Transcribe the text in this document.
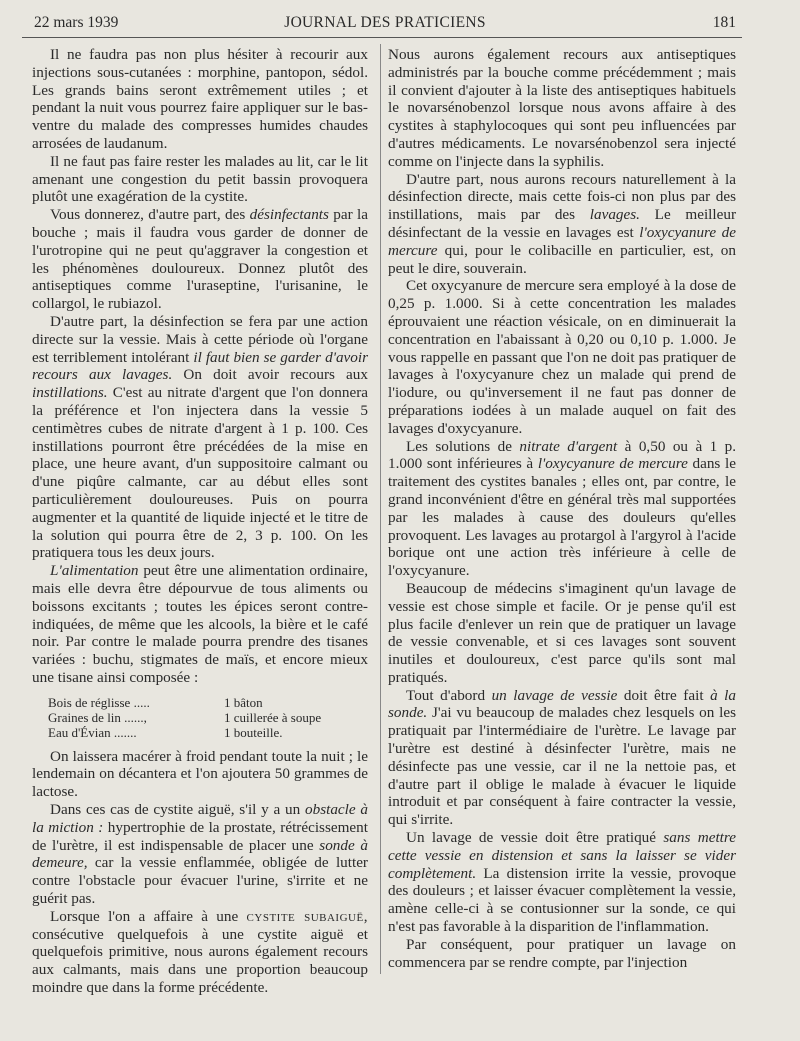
22 mars 1939	JOURNAL DES PRATICIENS	181

Il ne faudra pas non plus hésiter à recourir aux injections sous-cutanées : morphine, pantopon, sédol. Les grands bains seront extrêmement utiles ; et pendant la nuit vous pourrez faire appliquer sur le bas-ventre du malade des compresses humides chaudes arrosées de laudanum.

Il ne faut pas faire rester les malades au lit, car le lit amenant une congestion du petit bassin provoquera plutôt une exagération de la cystite.

Vous donnerez, d'autre part, des désinfectants par la bouche ; mais il faudra vous garder de donner de l'urotropine qui ne peut qu'aggraver la congestion et les phénomènes douloureux. Donnez plutôt des antiseptiques comme l'uraseptine, l'urisanine, le collargol, le rubiazol.

D'autre part, la désinfection se fera par une action directe sur la vessie. Mais à cette période où l'organe est terriblement intolérant il faut bien se garder d'avoir recours aux lavages. On doit avoir recours aux instillations. C'est au nitrate d'argent que l'on donnera la préférence et l'on injectera dans la vessie 5 centimètres cubes de nitrate d'argent à 1 p. 100. Ces instillations pourront être précédées de la mise en place, une heure avant, d'un suppositoire calmant ou d'une piqûre calmante, car au début elles sont particulièrement douloureuses. Puis on pourra augmenter et la quantité de liquide injecté et le titre de la solution qui pourra être de 2, 3 p. 100. On les pratiquera tous les deux jours.

L'alimentation peut être une alimentation ordinaire, mais elle devra être dépourvue de tous aliments ou boissons excitants ; toutes les épices seront contre-indiquées, de même que les alcools, la bière et le café noir. Par contre le malade pourra prendre des tisanes variées : buchu, stigmates de maïs, et encore mieux une tisane ainsi composée :

Bois de réglisse .....	1 bâton
Graines de lin ......,	1 cuillerée à soupe
Eau d'Évian .......	1 bouteille.

On laissera macérer à froid pendant toute la nuit ; le lendemain on décantera et l'on ajoutera 50 grammes de lactose.

Dans ces cas de cystite aiguë, s'il y a un obstacle à la miction : hypertrophie de la prostate, rétrécissement de l'urètre, il est indispensable de placer une sonde à demeure, car la vessie enflammée, obligée de lutter contre l'obstacle pour évacuer l'urine, s'irrite et ne guérit pas.

Lorsque l'on a affaire à une cystite subaiguë, consécutive quelquefois à une cystite aiguë et quelquefois primitive, nous aurons également recours aux calmants, mais dans une proportion beaucoup moindre que dans la forme précédente.

Nous aurons également recours aux antiseptiques administrés par la bouche comme précédemment ; mais il convient d'ajouter à la liste des antiseptiques habituels le novarsénobenzol lorsque nous avons affaire à des cystites à staphylocoques qui sont peu influencées par d'autres médicaments. Le novarsénobenzol sera injecté comme on l'injecte dans la syphilis.

D'autre part, nous aurons recours naturellement à la désinfection directe, mais cette fois-ci non plus par des instillations, mais par des lavages. Le meilleur désinfectant de la vessie en lavages est l'oxycyanure de mercure qui, pour le colibacille en particulier, est, on peut le dire, souverain.

Cet oxycyanure de mercure sera employé à la dose de 0,25 p. 1.000. Si à cette concentration les malades éprouvaient une réaction vésicale, on en diminuerait la concentration en l'abaissant à 0,20 ou 0,10 p. 1.000. Je vous rappelle en passant que l'on ne doit pas pratiquer de lavages à l'oxycyanure chez un malade qui prend de l'iodure, ou qu'inversement il ne faut pas donner de préparations iodées à un malade auquel on fait des lavages d'oxycyanure.

Les solutions de nitrate d'argent à 0,50 ou à 1 p. 1.000 sont inférieures à l'oxycyanure de mercure dans le traitement des cystites banales ; elles ont, par contre, le grand inconvénient d'être en général très mal supportées par les malades à cause des douleurs qu'elles provoquent. Les lavages au protargol à l'argyrol à l'acide borique ont une action très inférieure à celle de l'oxycyanure.

Beaucoup de médecins s'imaginent qu'un lavage de vessie est chose simple et facile. Or je pense qu'il est plus facile d'enlever un rein que de pratiquer un lavage de vessie convenable, et si ces lavages sont souvent inutiles et douloureux, c'est parce qu'ils sont mal pratiqués.

Tout d'abord un lavage de vessie doit être fait à la sonde. J'ai vu beaucoup de malades chez lesquels on les pratiquait par l'intermédiaire de l'urètre. Le lavage par l'urètre est destiné à désinfecter l'urètre, mais ne désinfecte pas une vessie, car il ne la nettoie pas, et d'autre part il oblige le malade à évacuer le liquide introduit et par conséquent à faire contracter la vessie, qui s'irrite.

Un lavage de vessie doit être pratiqué sans mettre cette vessie en distension et sans la laisser se vider complètement. La distension irrite la vessie, provoque des douleurs ; et laisser évacuer complètement la vessie, amène celle-ci à se contusionner sur la sonde, ce qui n'est pas favorable à la disparition de l'inflammation.

Par conséquent, pour pratiquer un lavage on commencera par se rendre compte, par l'injection
